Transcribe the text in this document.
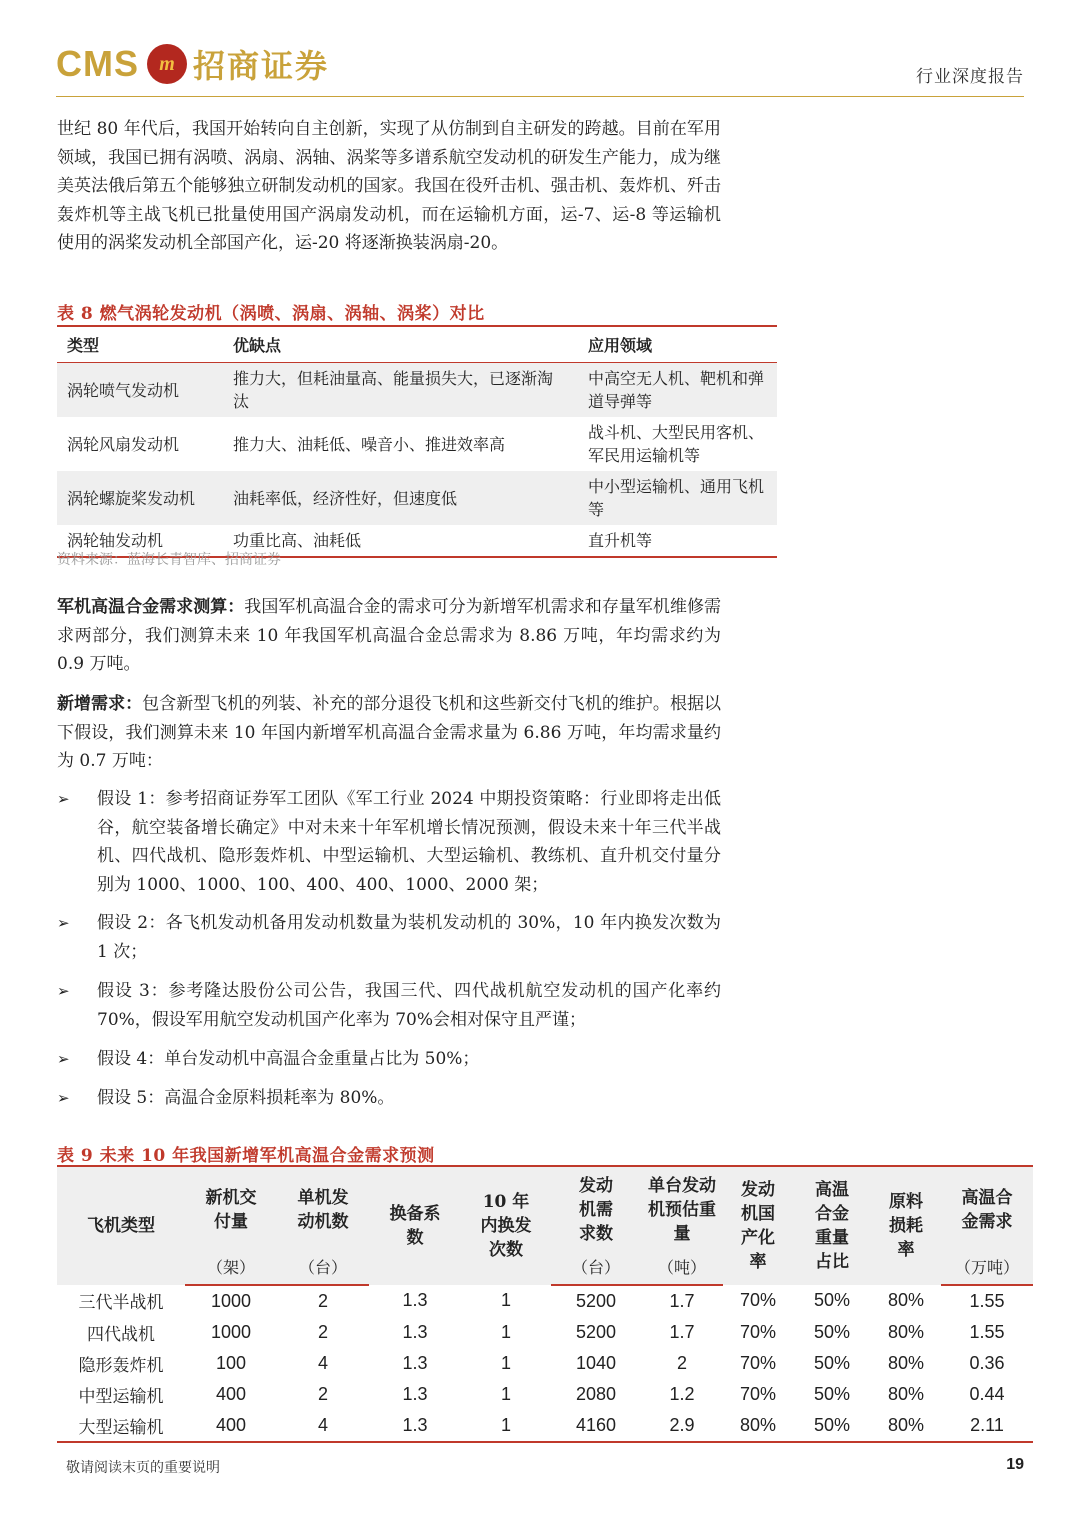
CMS m 招商证券	行业深度报告
世纪 80 年代后，我国开始转向自主创新，实现了从仿制到自主研发的跨越。目前在军用领域，我国已拥有涡喷、涡扇、涡轴、涡桨等多谱系航空发动机的研发生产能力，成为继美英法俄后第五个能够独立研制发动机的国家。我国在役歼击机、强击机、轰炸机、歼击轰炸机等主战飞机已批量使用国产涡扇发动机，而在运输机方面，运-7、运-8 等运输机使用的涡桨发动机全部国产化，运-20 将逐渐换装涡扇-20。
表 8 燃气涡轮发动机（涡喷、涡扇、涡轴、涡桨）对比
类型	优缺点	应用领域
涡轮喷气发动机	推力大，但耗油量高、能量损失大，已逐渐淘汰	中高空无人机、靶机和弹道导弹等
涡轮风扇发动机	推力大、油耗低、噪音小、推进效率高	战斗机、大型民用客机、军民用运输机等
涡轮螺旋桨发动机	油耗率低，经济性好，但速度低	中小型运输机、通用飞机等
涡轮轴发动机	功重比高、油耗低	直升机等
资料来源：蓝海长青智库、招商证券
军机高温合金需求测算：我国军机高温合金的需求可分为新增军机需求和存量军机维修需求两部分，我们测算未来 10 年我国军机高温合金总需求为 8.86 万吨，年均需求约为 0.9 万吨。
新增需求：包含新型飞机的列装、补充的部分退役飞机和这些新交付飞机的维护。根据以下假设，我们测算未来 10 年国内新增军机高温合金需求量为 6.86 万吨，年均需求量约为 0.7 万吨：
➢ 假设 1：参考招商证券军工团队《军工行业 2024 中期投资策略：行业即将走出低谷，航空装备增长确定》中对未来十年军机增长情况预测，假设未来十年三代半战机、四代战机、隐形轰炸机、中型运输机、大型运输机、教练机、直升机交付量分别为 1000、1000、100、400、400、1000、2000 架；
➢ 假设 2：各飞机发动机备用发动机数量为装机发动机的 30%，10 年内换发次数为 1 次；
➢ 假设 3：参考隆达股份公司公告，我国三代、四代战机航空发动机的国产化率约 70%，假设军用航空发动机国产化率为 70%会相对保守且严谨；
➢ 假设 4：单台发动机中高温合金重量占比为 50%；
➢ 假设 5：高温合金原料损耗率为 80%。
表 9 未来 10 年我国新增军机高温合金需求预测
飞机类型	新机交付量	单机发动机数	换备系数	10 年内换发次数	发动机需求数	单台发动机预估重量	发动机国产化率	高温合金重量占比	原料损耗率	高温合金需求

	（架）	（台）			（台）	（吨）				（万吨）
三代半战机	1000	2	1.3	1	5200	1.7	70%	50%	80%	1.55
四代战机	1000	2	1.3	1	5200	1.7	70%	50%	80%	1.55
隐形轰炸机	100	4	1.3	1	1040	2	70%	50%	80%	0.36
中型运输机	400	2	1.3	1	2080	1.2	70%	50%	80%	0.44
大型运输机	400	4	1.3	1	4160	2.9	80%	50%	80%	2.11
敬请阅读末页的重要说明	19
